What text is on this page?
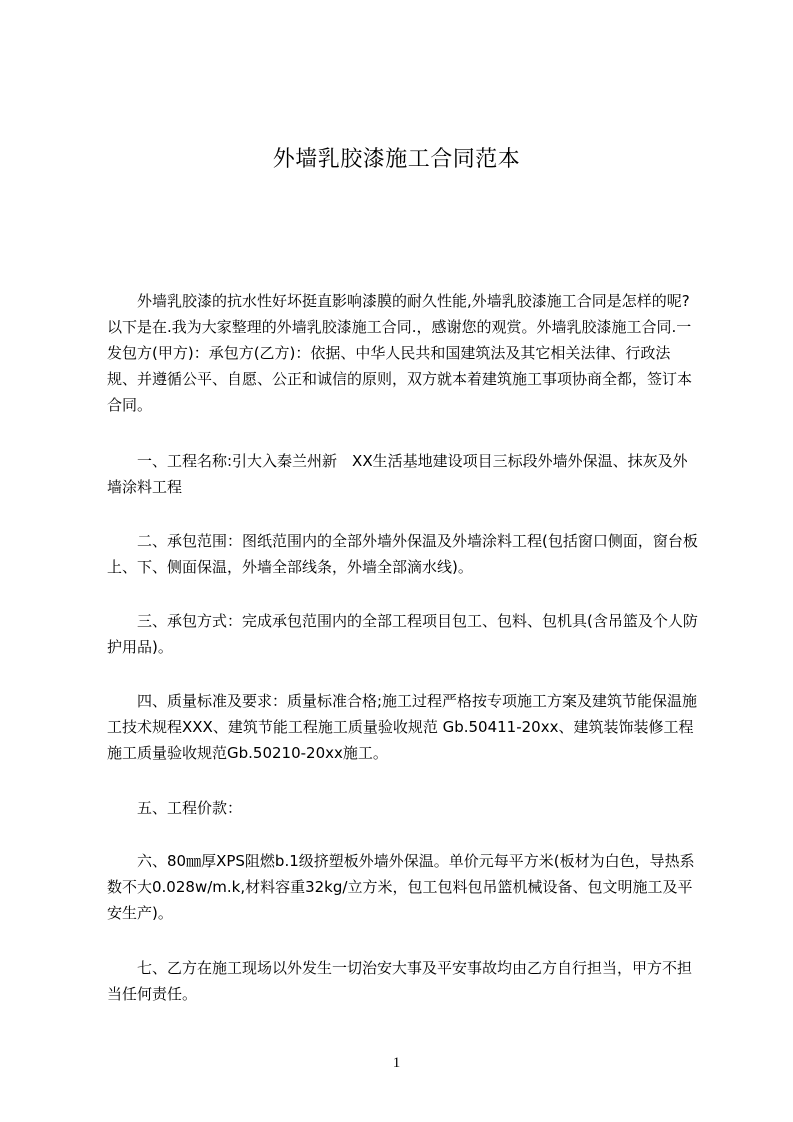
外墙乳胶漆施工合同范本

外墙乳胶漆的抗水性好坏挺直影响漆膜的耐久性能,外墙乳胶漆施工合同是怎样的呢?以下是在.我为大家整理的外墙乳胶漆施工合同.，感谢您的观赏。外墙乳胶漆施工合同.一发包方(甲方)：承包方(乙方)：依据、中华人民共和国建筑法及其它相关法律、行政法规、并遵循公平、自愿、公正和诚信的原则，双方就本着建筑施工事项协商全都，签订本合同。

一、工程名称:引大入秦兰州新　XX生活基地建设项目三标段外墙外保温、抹灰及外墙涂料工程

二、承包范围：图纸范围内的全部外墙外保温及外墙涂料工程(包括窗口侧面，窗台板上、下、侧面保温，外墙全部线条，外墙全部滴水线)。

三、承包方式：完成承包范围内的全部工程项目包工、包料、包机具(含吊篮及个人防护用品)。

四、质量标准及要求：质量标准合格;施工过程严格按专项施工方案及建筑节能保温施工技术规程XXX、建筑节能工程施工质量验收规范 Gb.50411-20xx、建筑装饰装修工程施工质量验收规范Gb.50210-20xx施工。

五、工程价款：

六、80㎜厚XPS阻燃b.1级挤塑板外墙外保温。单价元每平方米(板材为白色，导热系数不大0.028w/m.k,材料容重32kg/立方米，包工包料包吊篮机械设备、包文明施工及平安生产)。

七、乙方在施工现场以外发生一切治安大事及平安事故均由乙方自行担当，甲方不担当任何责任。

1
